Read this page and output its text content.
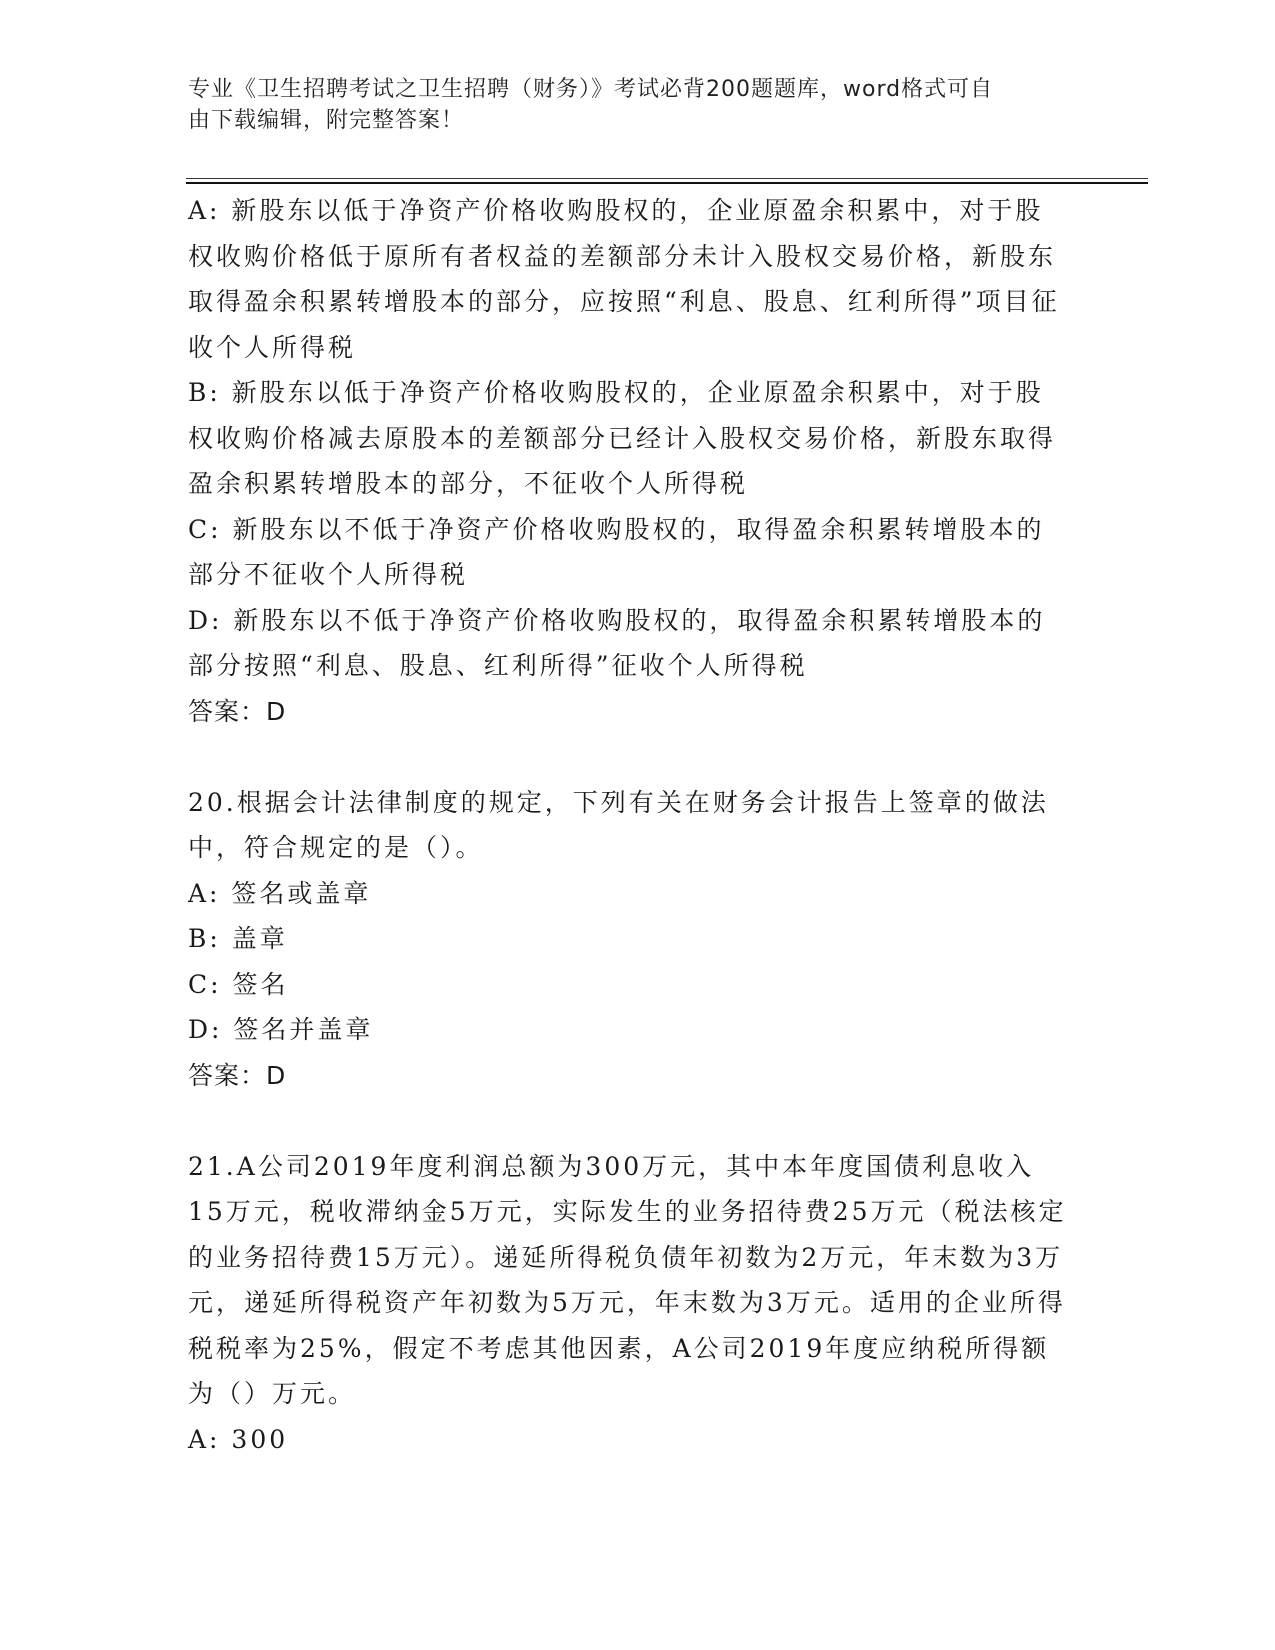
专业《卫生招聘考试之卫生招聘（财务）》考试必背200题题库，word格式可自
由下载编辑，附完整答案！

A: 新股东以低于净资产价格收购股权的，企业原盈余积累中，对于股权收购价格低于原所有者权益的差额部分未计入股权交易价格，新股东取得盈余积累转增股本的部分，应按照“利息、股息、红利所得”项目征收个人所得税

B: 新股东以低于净资产价格收购股权的，企业原盈余积累中，对于股权收购价格减去原股本的差额部分已经计入股权交易价格，新股东取得盈余积累转增股本的部分，不征收个人所得税

C: 新股东以不低于净资产价格收购股权的，取得盈余积累转增股本的部分不征收个人所得税

D: 新股东以不低于净资产价格收购股权的，取得盈余积累转增股本的部分按照“利息、股息、红利所得”征收个人所得税

答案：D

20.根据会计法律制度的规定，下列有关在财务会计报告上签章的做法中，符合规定的是（）。

A: 签名或盖章

B: 盖章

C: 签名

D: 签名并盖章

答案：D

21.A公司2019年度利润总额为300万元，其中本年度国债利息收入15万元，税收滞纳金5万元，实际发生的业务招待费25万元（税法核定的业务招待费15万元）。递延所得税负债年初数为2万元，年末数为3万元，递延所得税资产年初数为5万元，年末数为3万元。适用的企业所得税税率为25%，假定不考虑其他因素，A公司2019年度应纳税所得额为（）万元。

A: 300
